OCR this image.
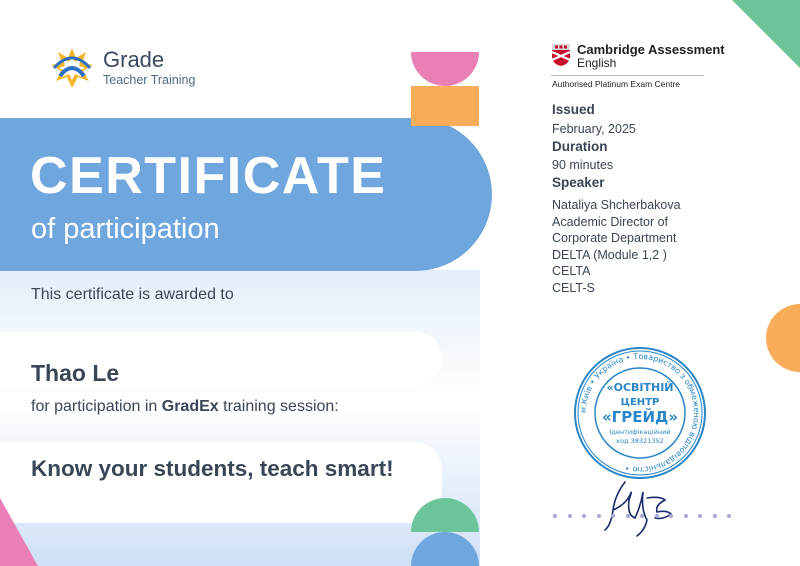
Grade
Teacher Training
CERTIFICATE
of participation
This certificate is awarded to
Thao Le
for participation in GradEx training session:
Know your students, teach smart!
Cambridge Assessment
English
Authorised Platinum Exam Centre
Issued
February, 2025
Duration
90 minutes
Speaker
Nataliya Shcherbakova
Academic Director of
Corporate Department
DELTA (Module 1,2 )
CELTA
CELT-S
м.Київ • Україна • Товариство з обмеженою відповідальністю •
«ОСВІТНІЙ
ЦЕНТР
«ГРЕЙД»
Ідентифікаційний
код 38321352
